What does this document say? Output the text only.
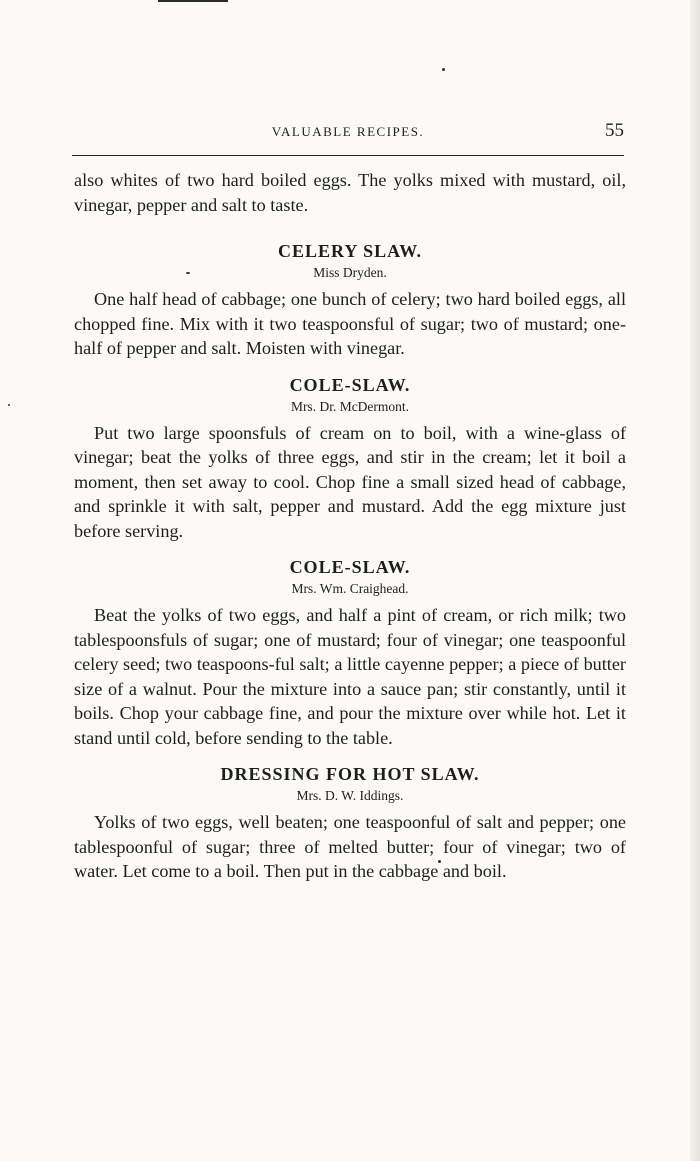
VALUABLE RECIPES.	55

also whites of two hard boiled eggs. The yolks mixed with mustard, oil, vinegar, pepper and salt to taste.

CELERY SLAW.
Miss Dryden.

One half head of cabbage; one bunch of celery; two hard boiled eggs, all chopped fine. Mix with it two teaspoonsful of sugar; two of mustard; one-half of pepper and salt. Moisten with vinegar.

COLE-SLAW.
Mrs. Dr. McDermont.

Put two large spoonsfuls of cream on to boil, with a wine-glass of vinegar; beat the yolks of three eggs, and stir in the cream; let it boil a moment, then set away to cool. Chop fine a small sized head of cabbage, and sprinkle it with salt, pepper and mustard. Add the egg mixture just before serving.

COLE-SLAW.
Mrs. Wm. Craighead.

Beat the yolks of two eggs, and half a pint of cream, or rich milk; two tablespoonsfuls of sugar; one of mustard; four of vinegar; one teaspoonful celery seed; two teaspoons-ful salt; a little cayenne pepper; a piece of butter size of a walnut. Pour the mixture into a sauce pan; stir constantly, until it boils. Chop your cabbage fine, and pour the mixture over while hot. Let it stand until cold, before sending to the table.

DRESSING FOR HOT SLAW.
Mrs. D. W. Iddings.

Yolks of two eggs, well beaten; one teaspoonful of salt and pepper; one tablespoonful of sugar; three of melted butter; four of vinegar; two of water. Let come to a boil. Then put in the cabbage and boil.
